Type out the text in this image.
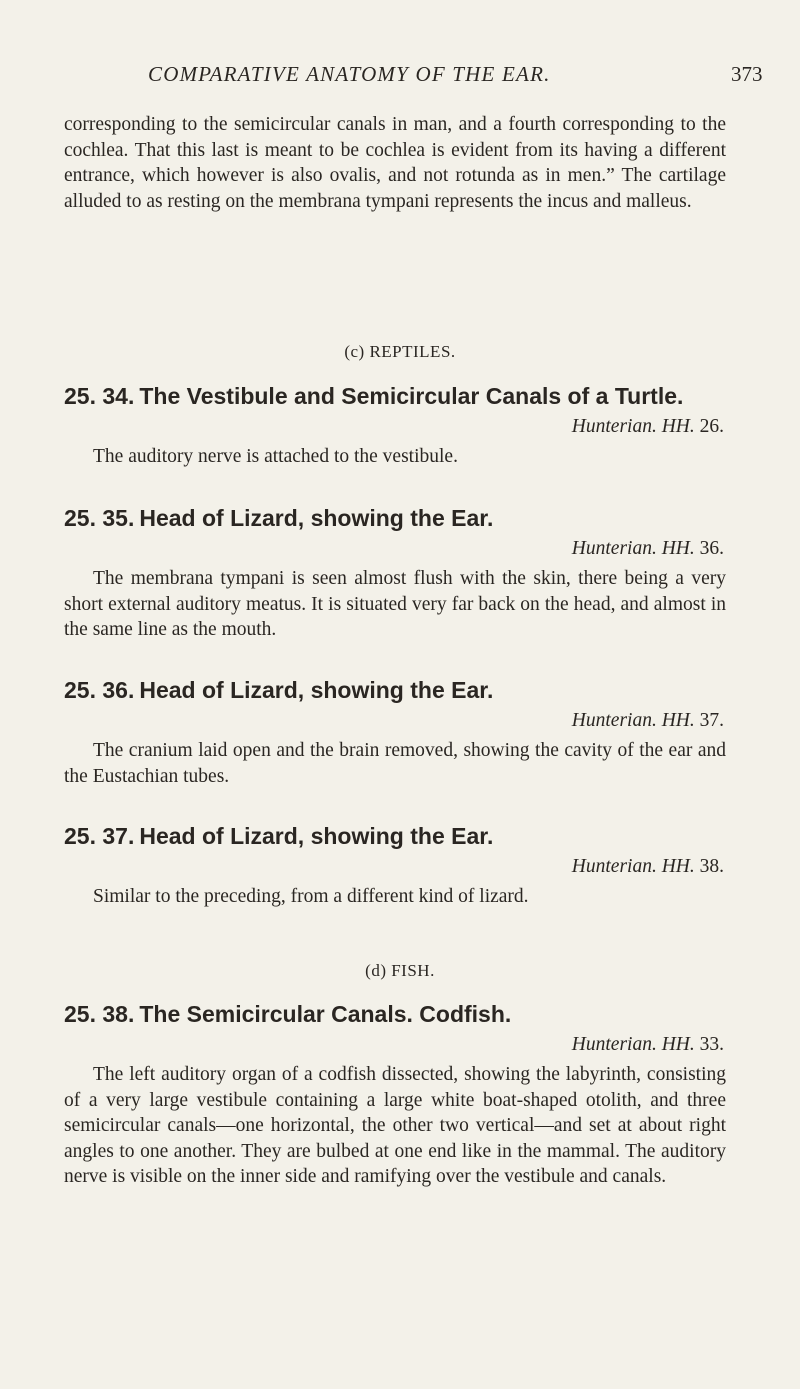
COMPARATIVE ANATOMY OF THE EAR.	373

corresponding to the semicircular canals in man, and a fourth corresponding to the cochlea. That this last is meant to be cochlea is evident from its having a different entrance, which however is also ovalis, and not rotunda as in men.” The cartilage alluded to as resting on the membrana tympani represents the incus and malleus.

(c) REPTILES.
25. 34. The Vestibule and Semicircular Canals of a Turtle.
Hunterian. HH. 26.

The auditory nerve is attached to the vestibule.

25. 35. Head of Lizard, showing the Ear.
Hunterian. HH. 36.

The membrana tympani is seen almost flush with the skin, there being a very short external auditory meatus. It is situated very far back on the head, and almost in the same line as the mouth.

25. 36. Head of Lizard, showing the Ear.
Hunterian. HH. 37.

The cranium laid open and the brain removed, showing the cavity of the ear and the Eustachian tubes.

25. 37. Head of Lizard, showing the Ear.
Hunterian. HH. 38.

Similar to the preceding, from a different kind of lizard.

(d) FISH.
25. 38. The Semicircular Canals. Codfish.
Hunterian. HH. 33.

The left auditory organ of a codfish dissected, showing the labyrinth, consisting of a very large vestibule containing a large white boat-shaped otolith, and three semicircular canals—one horizontal, the other two vertical—and set at about right angles to one another. They are bulbed at one end like in the mammal. The auditory nerve is visible on the inner side and ramifying over the vestibule and canals.
